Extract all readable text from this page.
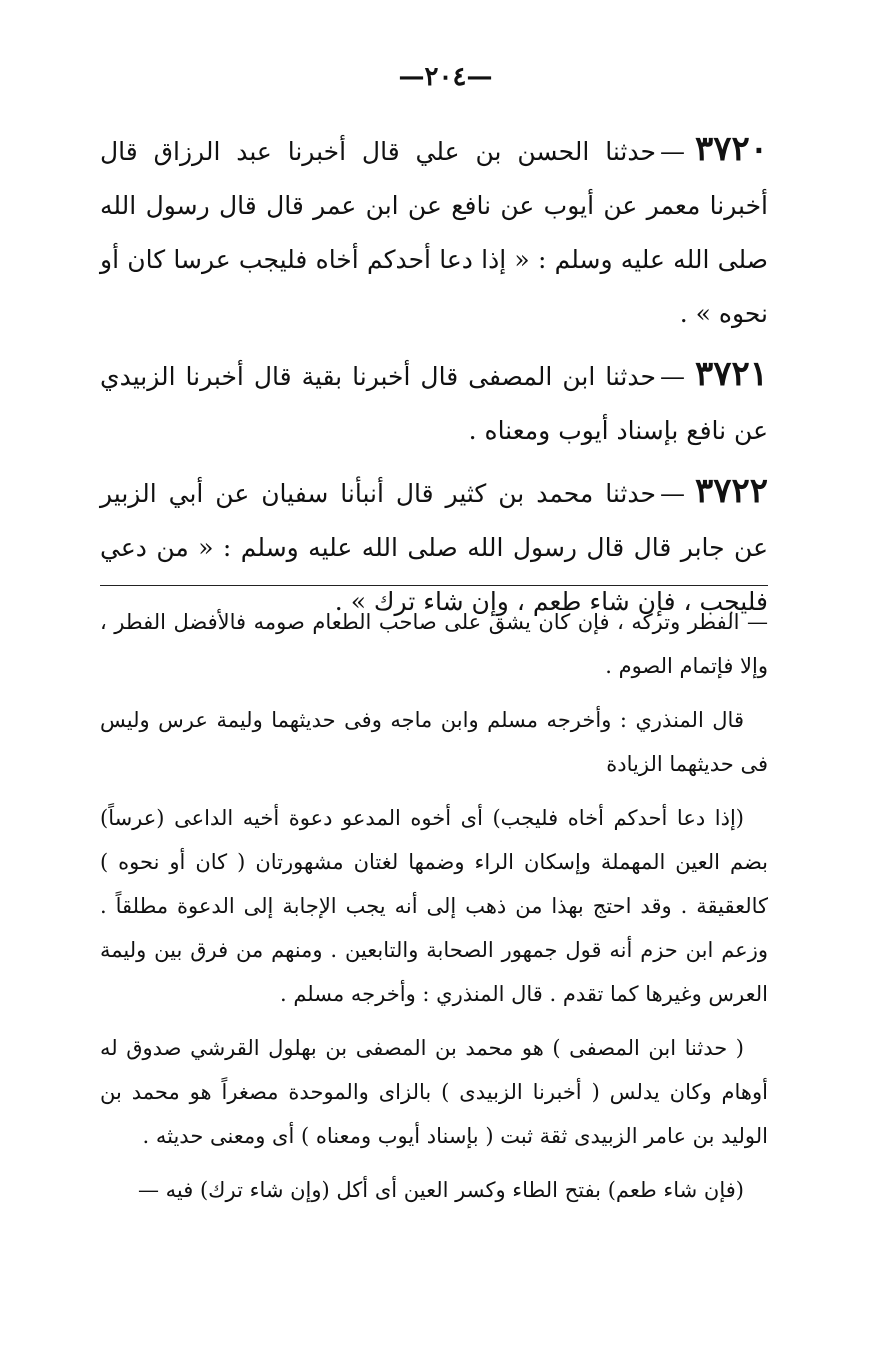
—٢٠٤—

٣٧٢٠—حدثنا الحسن بن علي قال أخبرنا عبد الرزاق قال أخبرنا معمر عن أيوب عن نافع عن ابن عمر قال قال رسول الله صلى الله عليه وسلم : « إذا دعا أحدكم أخاه فليجب عرسا كان أو نحوه » .

٣٧٢١—حدثنا ابن المصفى قال أخبرنا بقية قال أخبرنا الزبيدي عن نافع بإسناد أيوب ومعناه .

٣٧٢٢—حدثنا محمد بن كثير قال أنبأنا سفيان عن أبي الزبير عن جابر قال قال رسول الله صلى الله عليه وسلم : « من دعي فليجب ، فإن شاء طعم ، وإن شاء ترك » .

— الفطر وتركه ، فإن كان يشق على صاحب الطعام صومه فالأفضل الفطر ، وإلا فإتمام الصوم .

قال المنذري : وأخرجه مسلم وابن ماجه وفى حديثهما وليمة عرس وليس فى حديثهما الزيادة

(إذا دعا أحدكم أخاه فليجب) أى أخوه المدعو دعوة أخيه الداعى (عرساً) بضم العين المهملة وإسكان الراء وضمها لغتان مشهورتان ( كان أو نحوه ) كالعقيقة . وقد احتج بهذا من ذهب إلى أنه يجب الإجابة إلى الدعوة مطلقاً . وزعم ابن حزم أنه قول جمهور الصحابة والتابعين . ومنهم من فرق بين وليمة العرس وغيرها كما تقدم . قال المنذري : وأخرجه مسلم .

( حدثنا ابن المصفى ) هو محمد بن المصفى بن بهلول القرشي صدوق له أوهام وكان يدلس ( أخبرنا الزبيدى ) بالزاى والموحدة مصغراً هو محمد بن الوليد بن عامر الزبيدى ثقة ثبت ( بإسناد أيوب ومعناه ) أى ومعنى حديثه .

(فإن شاء طعم) بفتح الطاء وكسر العين أى أكل (وإن شاء ترك) فيه —
